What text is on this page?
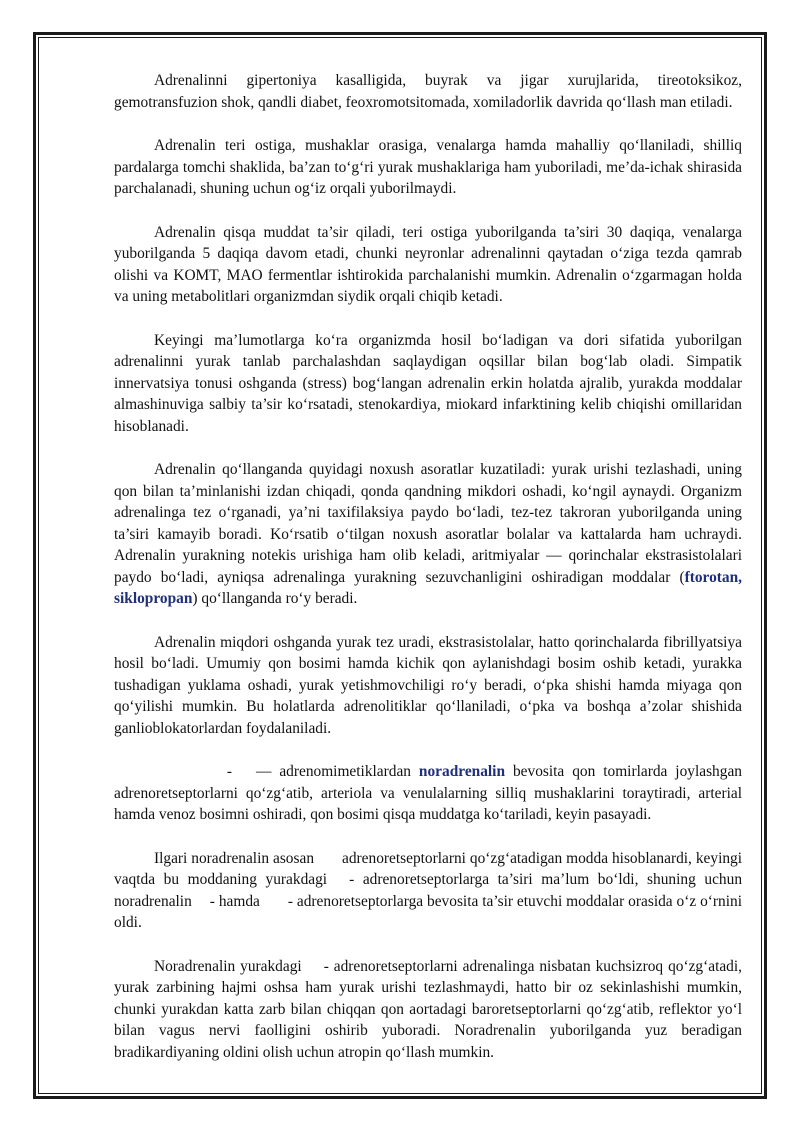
Adrenalinni gipertoniya kasalligida, buyrak va jigar xurujlarida, tireotoksikoz, gemotransfuzion shok, qandli diabet, feoxromotsitomada, xomiladorlik davrida qo‘llash man etiladi.

Adrenalin teri ostiga, mushaklar orasiga, venalarga hamda mahalliy qo‘llaniladi, shilliq pardalarga tomchi shaklida, ba’zan to‘g‘ri yurak mushaklariga ham yuboriladi, me’da-ichak shirasida parchalanadi, shuning uchun og‘iz orqali yuborilmaydi.

Adrenalin qisqa muddat ta’sir qiladi, teri ostiga yuborilganda ta’siri 30 daqiqa, venalarga yuborilganda 5 daqiqa davom etadi, chunki neyronlar adrenalinni qaytadan o‘ziga tezda qamrab olishi va KOMT, MAO fermentlar ishtirokida parchalanishi mumkin. Adrenalin o‘zgarmagan holda va uning metabolitlari organizmdan siydik orqali chiqib ketadi.

Keyingi ma’lumotlarga ko‘ra organizmda hosil bo‘ladigan va dori sifatida yuborilgan adrenalinni yurak tanlab parchalashdan saqlaydigan oqsillar bilan bog‘lab oladi. Simpatik innervatsiya tonusi oshganda (stress) bog‘langan adrenalin erkin holatda ajralib, yurakda moddalar almashinuviga salbiy ta’sir ko‘rsatadi, stenokardiya, miokard infarktining kelib chiqishi omillaridan hisoblanadi.

Adrenalin qo‘llanganda quyidagi noxush asoratlar kuzatiladi: yurak urishi tezlashadi, uning qon bilan ta’minlanishi izdan chiqadi, qonda qandning mikdori oshadi, ko‘ngil aynaydi. Organizm adrenalinga tez o‘rganadi, ya’ni taxifilaksiya paydo bo‘ladi, tez-tez takroran yuborilganda uning ta’siri kamayib boradi. Ko‘rsatib o‘tilgan noxush asoratlar bolalar va kattalarda ham uchraydi. Adrenalin yurakning notekis urishiga ham olib keladi, aritmiyalar — qorinchalar ekstrasistolalari paydo bo‘ladi, ayniqsa adrenalinga yurakning sezuvchanligini oshiradigan moddalar (ftorotan, siklopropan) qo‘llanganda ro‘y beradi.

Adrenalin miqdori oshganda yurak tez uradi, ekstrasistolalar, hatto qorinchalarda fibrillyatsiya hosil bo‘ladi. Umumiy qon bosimi hamda kichik qon aylanishdagi bosim oshib ketadi, yurakka tushadigan yuklama oshadi, yurak yetishmovchiligi ro‘y beradi, o‘pka shishi hamda miyaga qon qo‘yilishi mumkin. Bu holatlarda adrenolitiklar qo‘llaniladi, o‘pka va boshqa a’zolar shishida ganlioblokatorlardan foydalaniladi.

- — adrenomimetiklardan noradrenalin bevosita qon tomirlarda joylashgan adrenoretseptorlarni qo‘zg‘atib, arteriola va venulalarning silliq mushaklarini toraytiradi, arterial hamda venoz bosimni oshiradi, qon bosimi qisqa muddatga ko‘tariladi, keyin pasayadi.

Ilgari noradrenalin asosan adrenoretseptorlarni qo‘zg‘atadigan modda hisoblanardi, keyingi vaqtda bu moddaning yurakdagi - adrenoretseptorlarga ta’siri ma’lum bo‘ldi, shuning uchun noradrenalin - hamda - adrenoretseptorlarga bevosita ta’sir etuvchi moddalar orasida o‘z o‘rnini oldi.

Noradrenalin yurakdagi - adrenoretseptorlarni adrenalinga nisbatan kuchsizroq qo‘zg‘atadi, yurak zarbining hajmi oshsa ham yurak urishi tezlashmaydi, hatto bir oz sekinlashishi mumkin, chunki yurakdan katta zarb bilan chiqqan qon aortadagi baroretseptorlarni qo‘zg‘atib, reflektor yo‘l bilan vagus nervi faolligini oshirib yuboradi. Noradrenalin yuborilganda yuz beradigan bradikardiyaning oldini olish uchun atropin qo‘llash mumkin.
